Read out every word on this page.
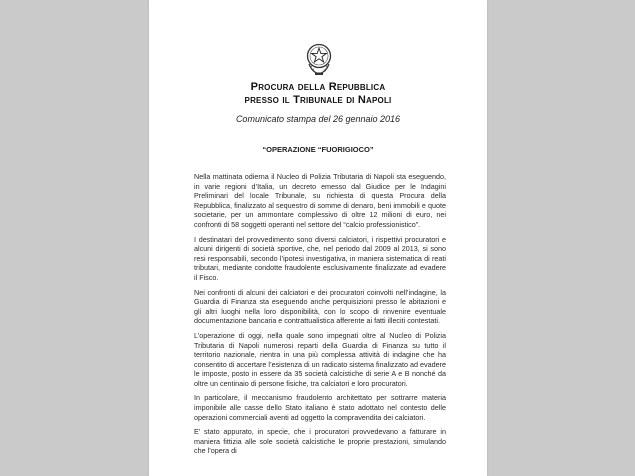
Procura della Repubblica
presso il Tribunale di Napoli
Comunicato stampa del 26 gennaio 2016
“OPERAZIONE “FUORIGIOCO”

Nella mattinata odierna il Nucleo di Polizia Tributaria di Napoli sta eseguendo, in varie regioni d’Italia, un decreto emesso dal Giudice per le Indagini Preliminari del locale Tribunale, su richiesta di questa Procura della Repubblica, finalizzato al sequestro di somme di denaro, beni immobili e quote societarie, per un ammontare complessivo di oltre 12 milioni di euro, nei confronti di 58 soggetti operanti nel settore del “calcio professionistico”.

I destinatari del provvedimento sono diversi calciatori, i rispettivi procuratori e alcuni dirigenti di società sportive, che, nel periodo dal 2009 al 2013, si sono resi responsabili, secondo l’ipotesi investigativa, in maniera sistematica di reati tributari, mediante condotte fraudolente esclusivamente finalizzate ad evadere il Fisco.

Nei confronti di alcuni dei calciatori e dei procuratori coinvolti nell’indagine, la Guardia di Finanza sta eseguendo anche perquisizioni presso le abitazioni e gli altri luoghi nella loro disponibilità, con lo scopo di rinvenire eventuale documentazione bancaria e contrattualistica afferente ai fatti illeciti contestati.

L’operazione di oggi, nella quale sono impegnati oltre al Nucleo di Polizia Tributaria di Napoli numerosi reparti della Guardia di Finanza su tutto il territorio nazionale, rientra in una più complessa attività di indagine che ha consentito di accertare l’esistenza di un radicato sistema finalizzato ad evadere le imposte, posto in essere da 35 società calcistiche di serie A e B nonché da oltre un centinaio di persone fisiche, tra calciatori e loro procuratori.

In particolare, il meccanismo fraudolento architettato per sottrarre materia imponibile alle casse dello Stato italiano è stato adottato nel contesto delle operazioni commerciali aventi ad oggetto la compravendita dei calciatori.

E’ stato appurato, in specie, che i procuratori provvedevano a fatturare in maniera fittizia alle sole società calcistiche le proprie prestazioni, simulando che l’opera di
